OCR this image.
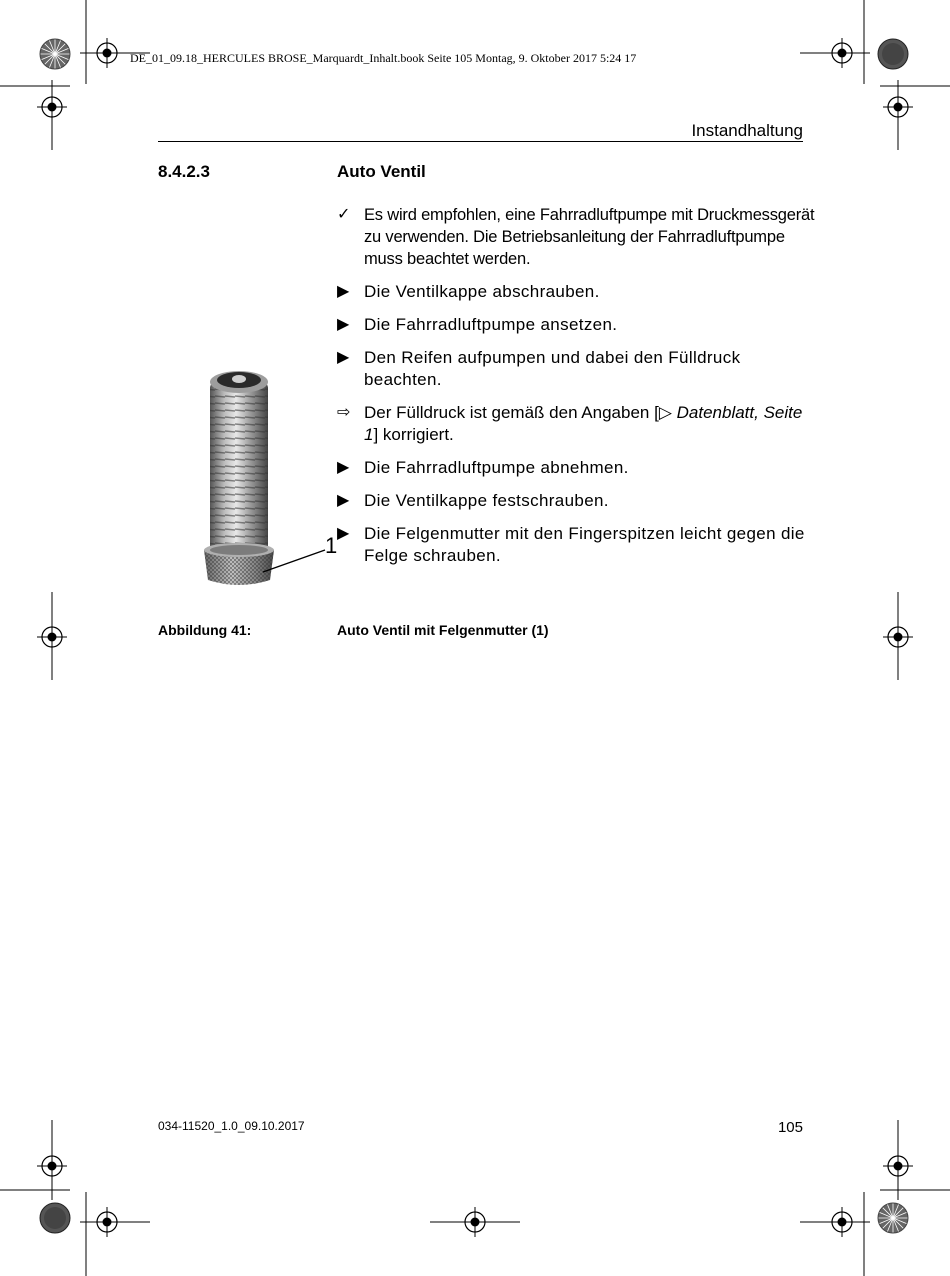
DE_01_09.18_HERCULES BROSE_Marquardt_Inhalt.book Seite 105 Montag, 9. Oktober 2017 5:24 17
Instandhaltung
8.4.2.3	Auto Ventil
✓ Es wird empfohlen, eine Fahrradluftpumpe mit Druckmessgerät zu verwenden. Die Betriebsanleitung der Fahrradluftpumpe muss beachtet werden.
▶ Die Ventilkappe abschrauben.
▶ Die Fahrradluftpumpe ansetzen.
▶ Den Reifen aufpumpen und dabei den Fülldruck beachten.
⇨ Der Fülldruck ist gemäß den Angaben [▷ Datenblatt, Seite 1] korrigiert.
▶ Die Fahrradluftpumpe abnehmen.
▶ Die Ventilkappe festschrauben.
▶ Die Felgenmutter mit den Fingerspitzen leicht gegen die Felge schrauben.
1
Abbildung 41:	Auto Ventil mit Felgenmutter (1)
034-11520_1.0_09.10.2017	105
